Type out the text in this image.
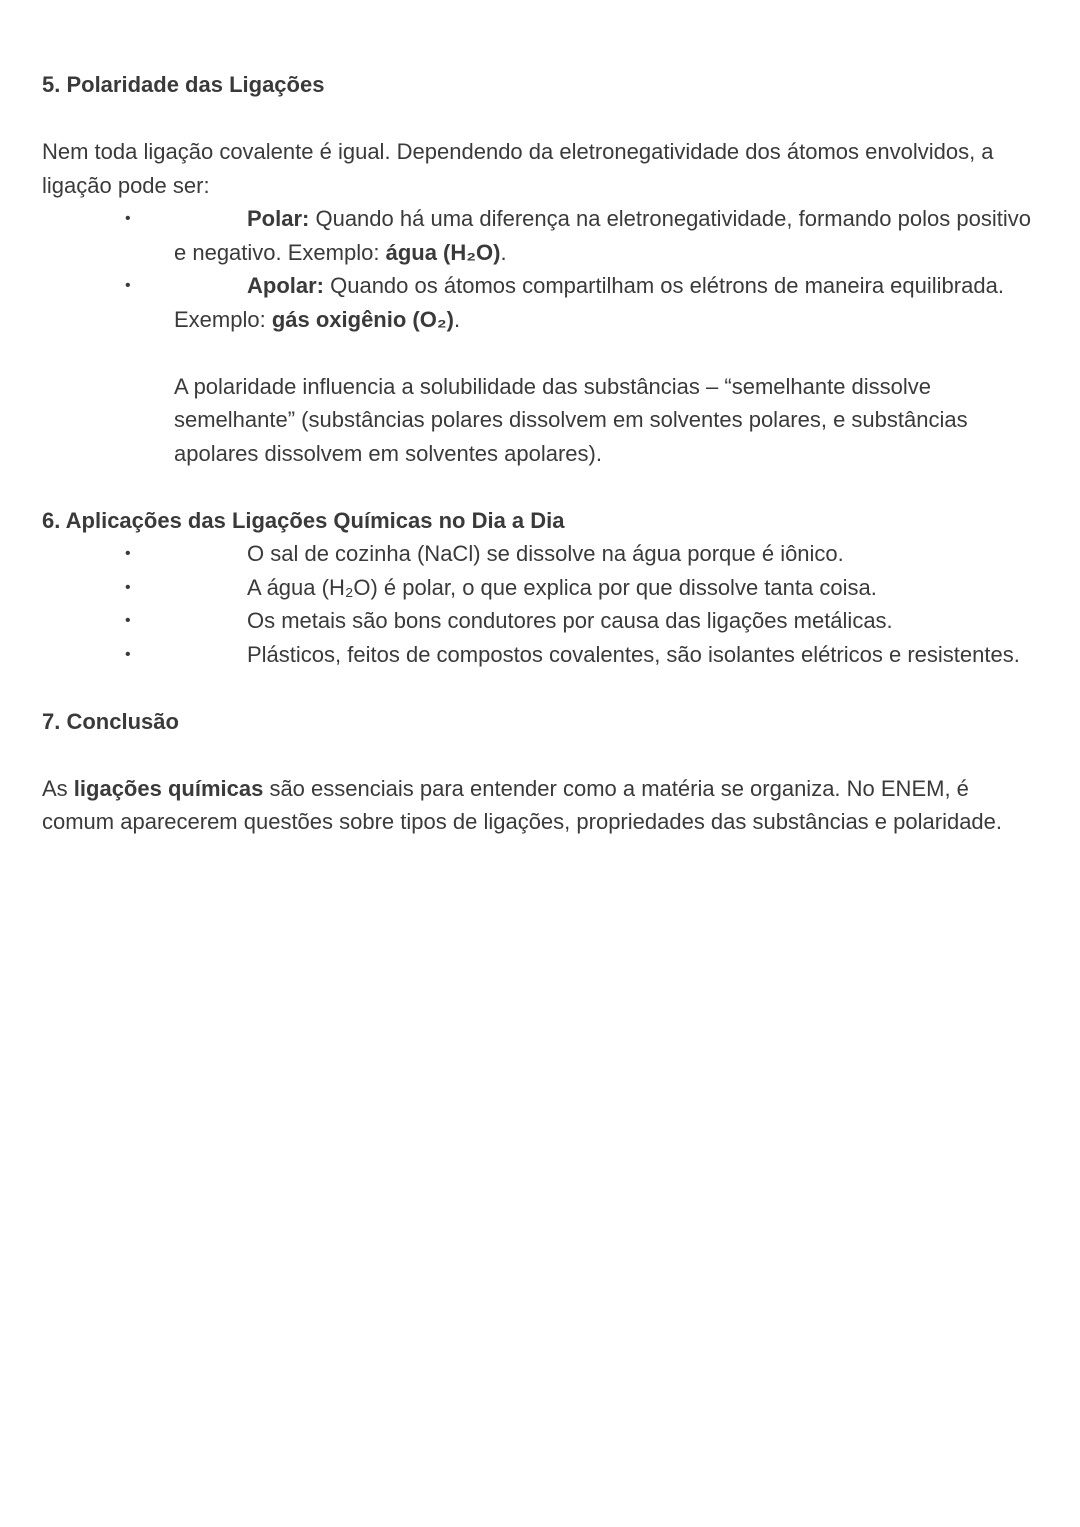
5. Polaridade das Ligações

Nem toda ligação covalente é igual. Dependendo da eletronegatividade dos átomos envolvidos, a ligação pode ser:

•	Polar: Quando há uma diferença na eletronegatividade, formando polos positivo e negativo. Exemplo: água (H₂O).
•	Apolar: Quando os átomos compartilham os elétrons de maneira equilibrada. Exemplo: gás oxigênio (O₂).

A polaridade influencia a solubilidade das substâncias – “semelhante dissolve semelhante” (substâncias polares dissolvem em solventes polares, e substâncias apolares dissolvem em solventes apolares).

6. Aplicações das Ligações Químicas no Dia a Dia

•	O sal de cozinha (NaCl) se dissolve na água porque é iônico.
•	A água (H₂O) é polar, o que explica por que dissolve tanta coisa.
•	Os metais são bons condutores por causa das ligações metálicas.
•	Plásticos, feitos de compostos covalentes, são isolantes elétricos e resistentes.

7. Conclusão

As ligações químicas são essenciais para entender como a matéria se organiza. No ENEM, é comum aparecerem questões sobre tipos de ligações, propriedades das substâncias e polaridade.
